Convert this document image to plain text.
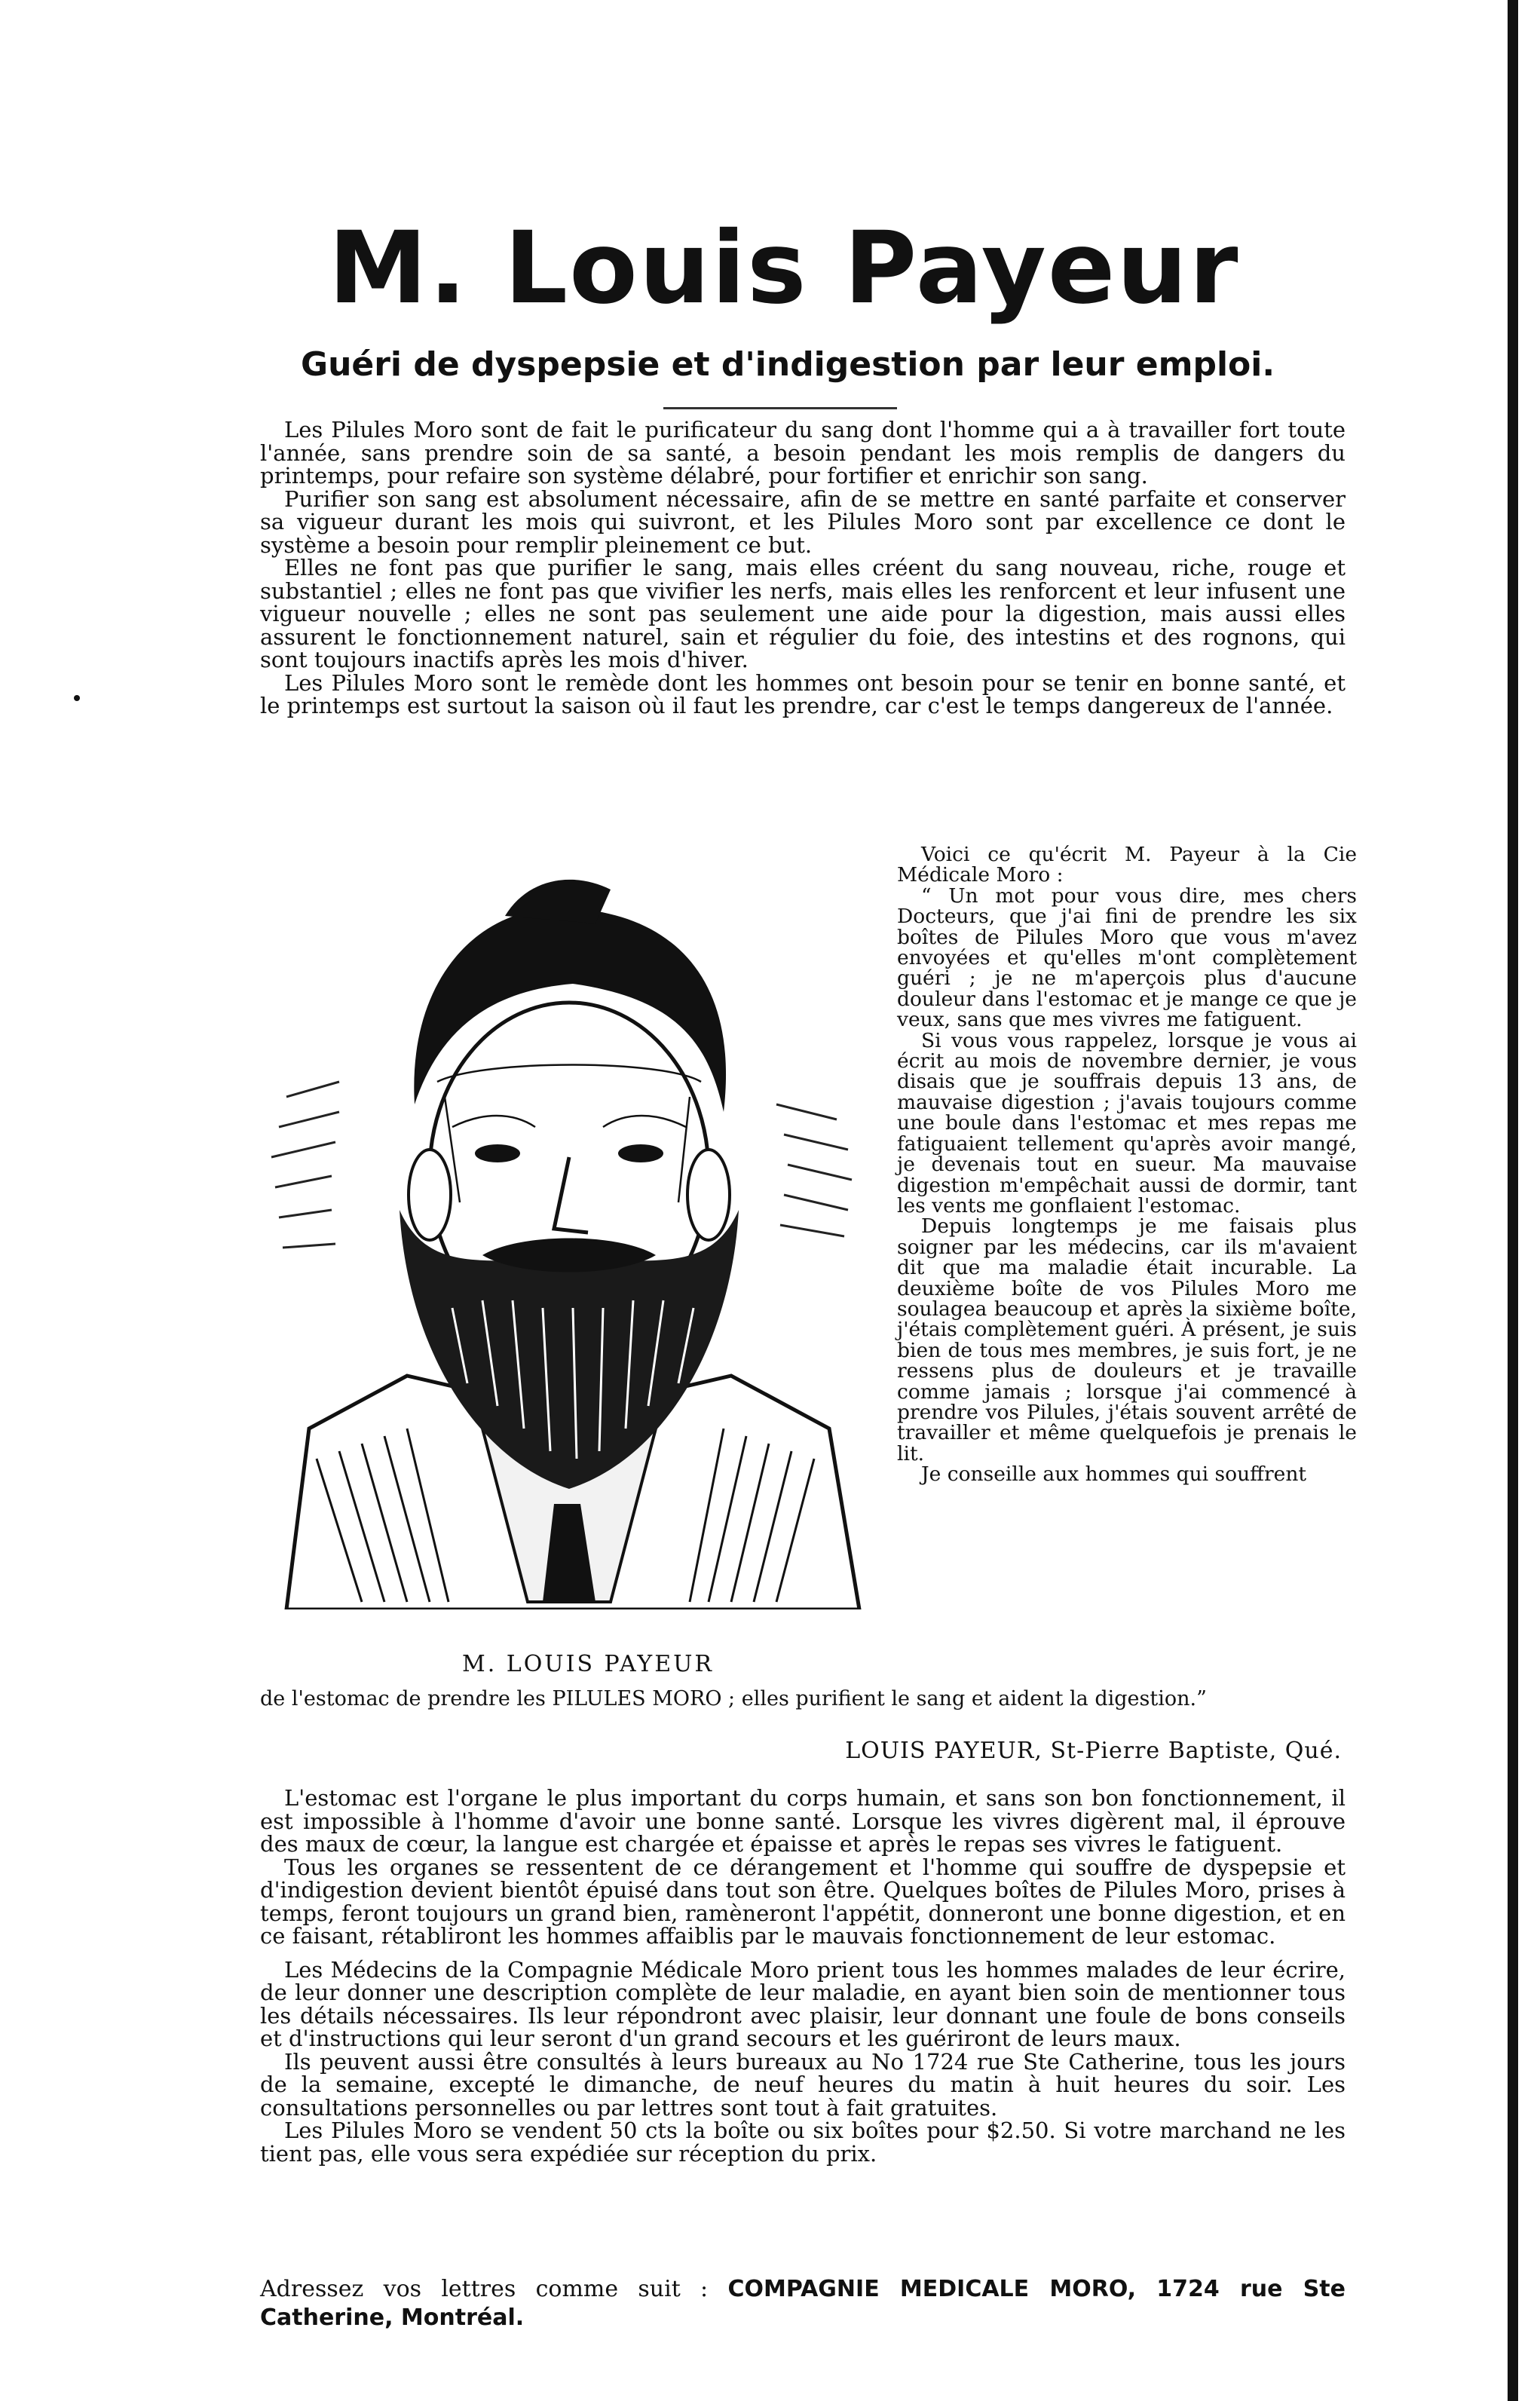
M. Louis Payeur
Guéri de dyspepsie et d'indigestion par leur emploi.

Les Pilules Moro sont de fait le purificateur du sang dont l'homme qui a à travailler fort toute l'année, sans prendre soin de sa santé, a besoin pendant les mois remplis de dangers du printemps, pour refaire son système délabré, pour fortifier et enrichir son sang.

Purifier son sang est absolument nécessaire, afin de se mettre en santé parfaite et conserver sa vigueur durant les mois qui suivront, et les Pilules Moro sont par excellence ce dont le système a besoin pour remplir pleinement ce but.

Elles ne font pas que purifier le sang, mais elles créent du sang nouveau, riche, rouge et substantiel ; elles ne font pas que vivifier les nerfs, mais elles les renforcent et leur infusent une vigueur nouvelle ; elles ne sont pas seulement une aide pour la digestion, mais aussi elles assurent le fonctionnement naturel, sain et régulier du foie, des intestins et des rognons, qui sont toujours inactifs après les mois d'hiver.

Les Pilules Moro sont le remède dont les hommes ont besoin pour se tenir en bonne santé, et le printemps est surtout la saison où il faut les prendre, car c'est le temps dangereux de l'année.

Voici ce qu'écrit M. Payeur à la Cie Médicale Moro :

“ Un mot pour vous dire, mes chers Docteurs, que j'ai fini de prendre les six boîtes de Pilules Moro que vous m'avez envoyées et qu'elles m'ont complètement guéri ; je ne m'aperçois plus d'aucune douleur dans l'estomac et je mange ce que je veux, sans que mes vivres me fatiguent.

Si vous vous rappelez, lorsque je vous ai écrit au mois de novembre dernier, je vous disais que je souffrais depuis 13 ans, de mauvaise digestion ; j'avais toujours comme une boule dans l'estomac et mes repas me fatiguaient tellement qu'après avoir mangé, je devenais tout en sueur. Ma mauvaise digestion m'empêchait aussi de dormir, tant les vents me gonflaient l'estomac.

Depuis longtemps je me faisais plus soigner par les médecins, car ils m'avaient dit que ma maladie était incurable. La deuxième boîte de vos Pilules Moro me soulagea beaucoup et après la sixième boîte, j'étais complètement guéri. À présent, je suis bien de tous mes membres, je suis fort, je ne ressens plus de douleurs et je travaille comme jamais ; lorsque j'ai commencé à prendre vos Pilules, j'étais souvent arrêté de travailler et même quelquefois je prenais le lit.

Je conseille aux hommes qui souffrent

M. LOUIS PAYEUR
de l'estomac de prendre les PILULES MORO ; elles purifient le sang et aident la digestion.”
LOUIS PAYEUR, St-Pierre Baptiste, Qué.

L'estomac est l'organe le plus important du corps humain, et sans son bon fonctionnement, il est impossible à l'homme d'avoir une bonne santé. Lorsque les vivres digèrent mal, il éprouve des maux de cœur, la langue est chargée et épaisse et après le repas ses vivres le fatiguent.

Tous les organes se ressentent de ce dérangement et l'homme qui souffre de dyspepsie et d'indigestion devient bientôt épuisé dans tout son être. Quelques boîtes de Pilules Moro, prises à temps, feront toujours un grand bien, ramèneront l'appétit, donneront une bonne digestion, et en ce faisant, rétabliront les hommes affaiblis par le mauvais fonctionnement de leur estomac.

Les Médecins de la Compagnie Médicale Moro prient tous les hommes malades de leur écrire, de leur donner une description complète de leur maladie, en ayant bien soin de mentionner tous les détails nécessaires. Ils leur répondront avec plaisir, leur donnant une foule de bons conseils et d'instructions qui leur seront d'un grand secours et les guériront de leurs maux.

Ils peuvent aussi être consultés à leurs bureaux au No 1724 rue Ste Catherine, tous les jours de la semaine, excepté le dimanche, de neuf heures du matin à huit heures du soir. Les consultations personnelles ou par lettres sont tout à fait gratuites.

Les Pilules Moro se vendent 50 cts la boîte ou six boîtes pour $2.50. Si votre marchand ne les tient pas, elle vous sera expédiée sur réception du prix.

Adressez vos lettres comme suit : COMPAGNIE MEDICALE MORO, 1724 rue Ste Catherine, Montréal.
